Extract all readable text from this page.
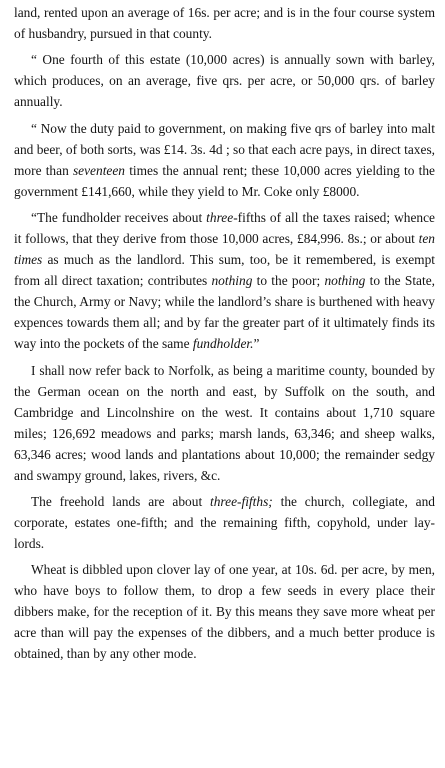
land, rented upon an average of 16s. per acre; and is in the four course system of husbandry, pursued in that county.

“ One fourth of this estate (10,000 acres) is annually sown with barley, which produces, on an average, five qrs. per acre, or 50,000 qrs. of barley annually.

“ Now the duty paid to government, on making five qrs of barley into malt and beer, of both sorts, was £14. 3s. 4d ; so that each acre pays, in direct taxes, more than seventeen times the annual rent; these 10,000 acres yielding to the government £141,660, while they yield to Mr. Coke only £8000.

“The fundholder receives about three-fifths of all the taxes raised; whence it follows, that they derive from those 10,000 acres, £84,996. 8s.; or about ten times as much as the landlord. This sum, too, be it remembered, is exempt from all direct taxation; contributes nothing to the poor; nothing to the State, the Church, Army or Navy; while the landlord’s share is burthened with heavy expences towards them all; and by far the greater part of it ultimately finds its way into the pockets of the same fundholder.”

I shall now refer back to Norfolk, as being a maritime county, bounded by the German ocean on the north and east, by Suffolk on the south, and Cambridge and Lincolnshire on the west. It contains about 1,710 square miles; 126,692 meadows and parks; marsh lands, 63,346; and sheep walks, 63,346 acres; wood lands and plantations about 10,000; the remainder sedgy and swampy ground, lakes, rivers, &c.

The freehold lands are about three-fifths; the church, collegiate, and corporate, estates one-fifth; and the remaining fifth, copyhold, under lay-lords.

Wheat is dibbled upon clover lay of one year, at 10s. 6d. per acre, by men, who have boys to follow them, to drop a few seeds in every place their dibbers make, for the reception of it. By this means they save more wheat per acre than will pay the expenses of the dibbers, and a much better produce is obtained, than by any other mode.
